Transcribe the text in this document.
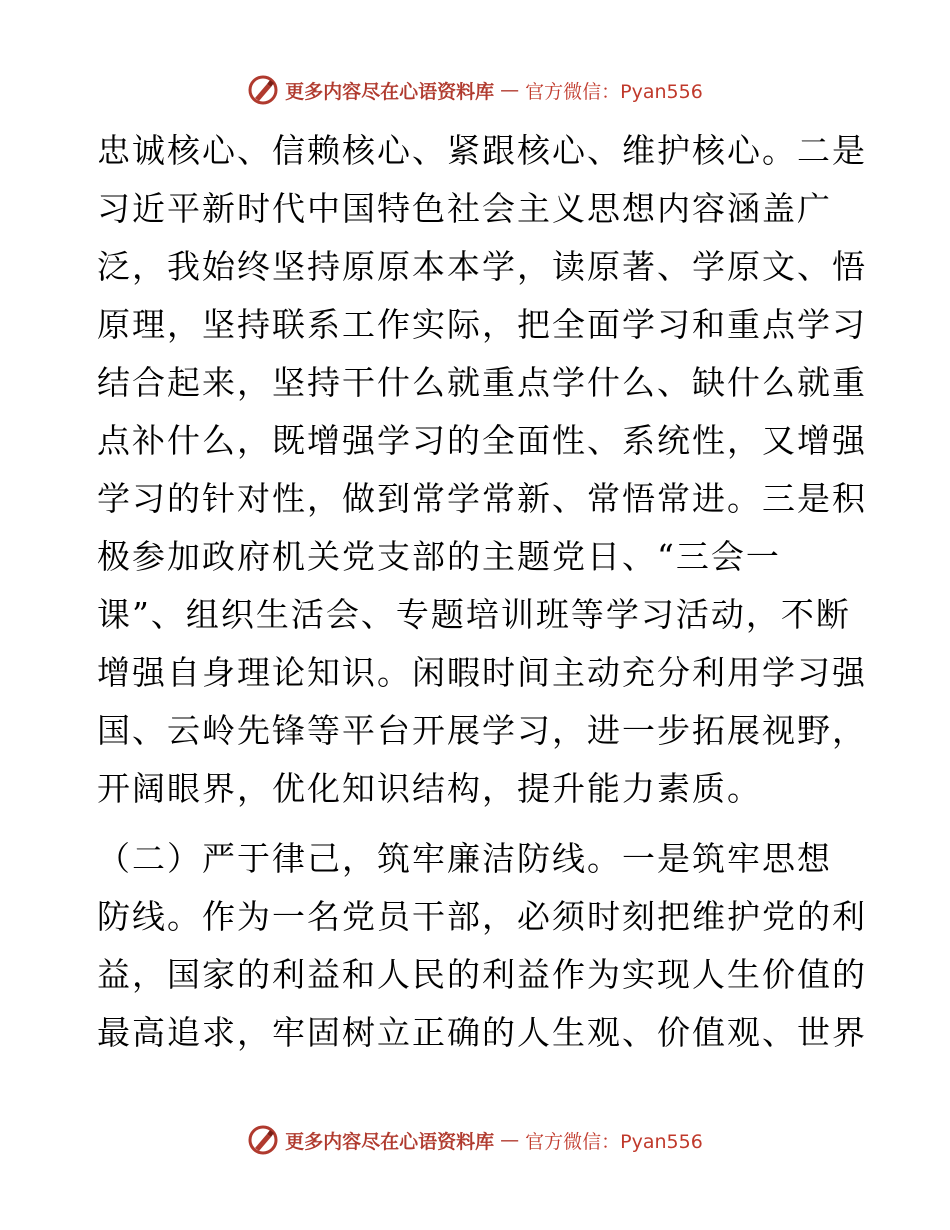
更多内容尽在心语资料库 — 官方微信：Pyan556
忠诚核心、信赖核心、紧跟核心、维护核心。二是
习近平新时代中国特色社会主义思想内容涵盖广
泛，我始终坚持原原本本学，读原著、学原文、悟
原理，坚持联系工作实际，把全面学习和重点学习
结合起来，坚持干什么就重点学什么、缺什么就重
点补什么，既增强学习的全面性、系统性，又增强
学习的针对性，做到常学常新、常悟常进。三是积
极参加政府机关党支部的主题党日、“三会一
课”、组织生活会、专题培训班等学习活动，不断
增强自身理论知识。闲暇时间主动充分利用学习强
国、云岭先锋等平台开展学习，进一步拓展视野，
开阔眼界，优化知识结构，提升能力素质。
（二）严于律己，筑牢廉洁防线。一是筑牢思想
防线。作为一名党员干部，必须时刻把维护党的利
益，国家的利益和人民的利益作为实现人生价值的
最高追求，牢固树立正确的人生观、价值观、世界
更多内容尽在心语资料库 — 官方微信：Pyan556
